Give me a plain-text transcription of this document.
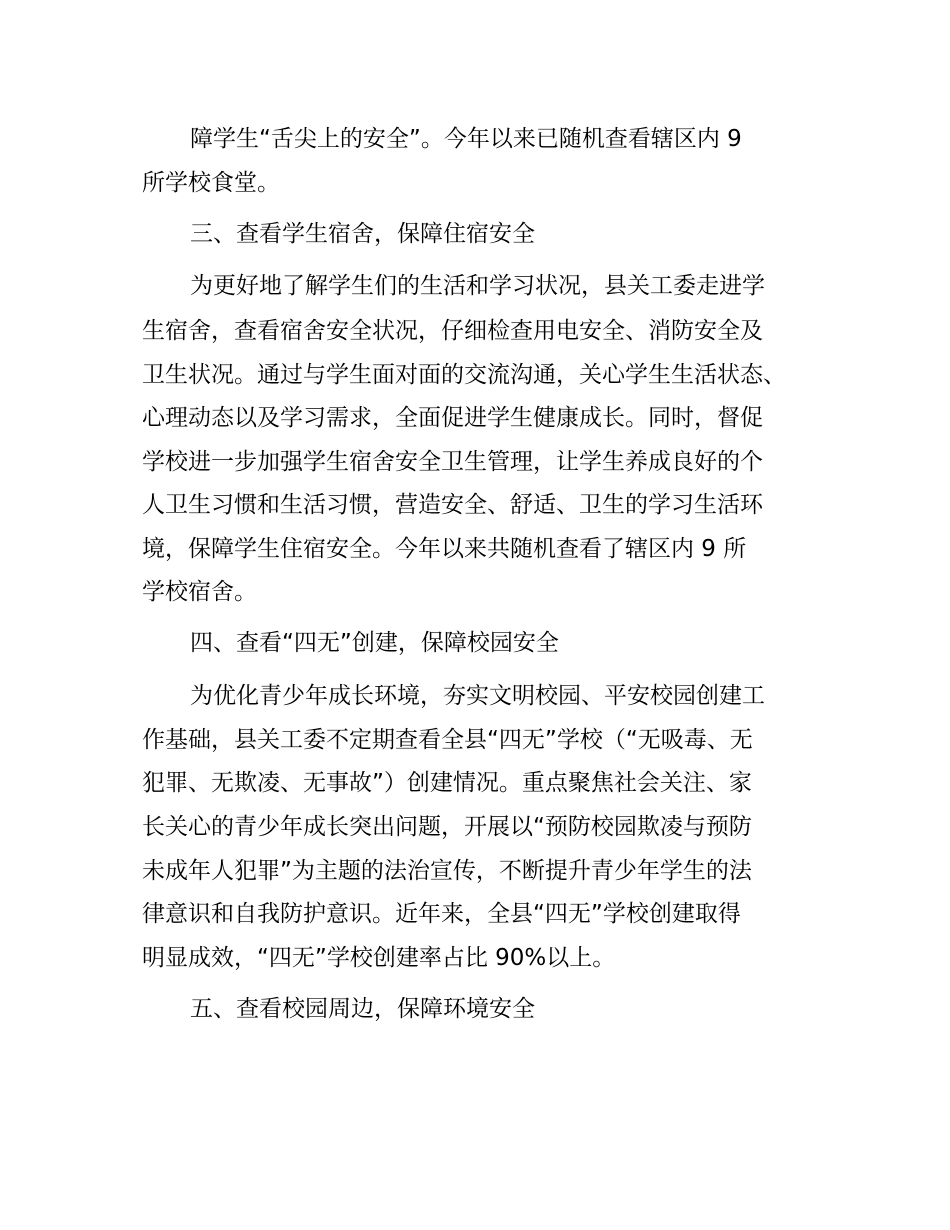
障学生“舌尖上的安全”。今年以来已随机查看辖区内 9

所学校食堂。

三、查看学生宿舍，保障住宿安全

为更好地了解学生们的生活和学习状况，县关工委走进学

生宿舍，查看宿舍安全状况，仔细检查用电安全、消防安全及

卫生状况。通过与学生面对面的交流沟通，关心学生生活状态、

心理动态以及学习需求，全面促进学生健康成长。同时，督促

学校进一步加强学生宿舍安全卫生管理，让学生养成良好的个

人卫生习惯和生活习惯，营造安全、舒适、卫生的学习生活环

境，保障学生住宿安全。今年以来共随机查看了辖区内 9 所

学校宿舍。

四、查看“四无”创建，保障校园安全

为优化青少年成长环境，夯实文明校园、平安校园创建工

作基础，县关工委不定期查看全县“四无”学校（“无吸毒、无

犯罪、无欺凌、无事故”）创建情况。重点聚焦社会关注、家

长关心的青少年成长突出问题，开展以“预防校园欺凌与预防

未成年人犯罪”为主题的法治宣传，不断提升青少年学生的法

律意识和自我防护意识。近年来，全县“四无”学校创建取得

明显成效，“四无”学校创建率占比 90%以上。

五、查看校园周边，保障环境安全
